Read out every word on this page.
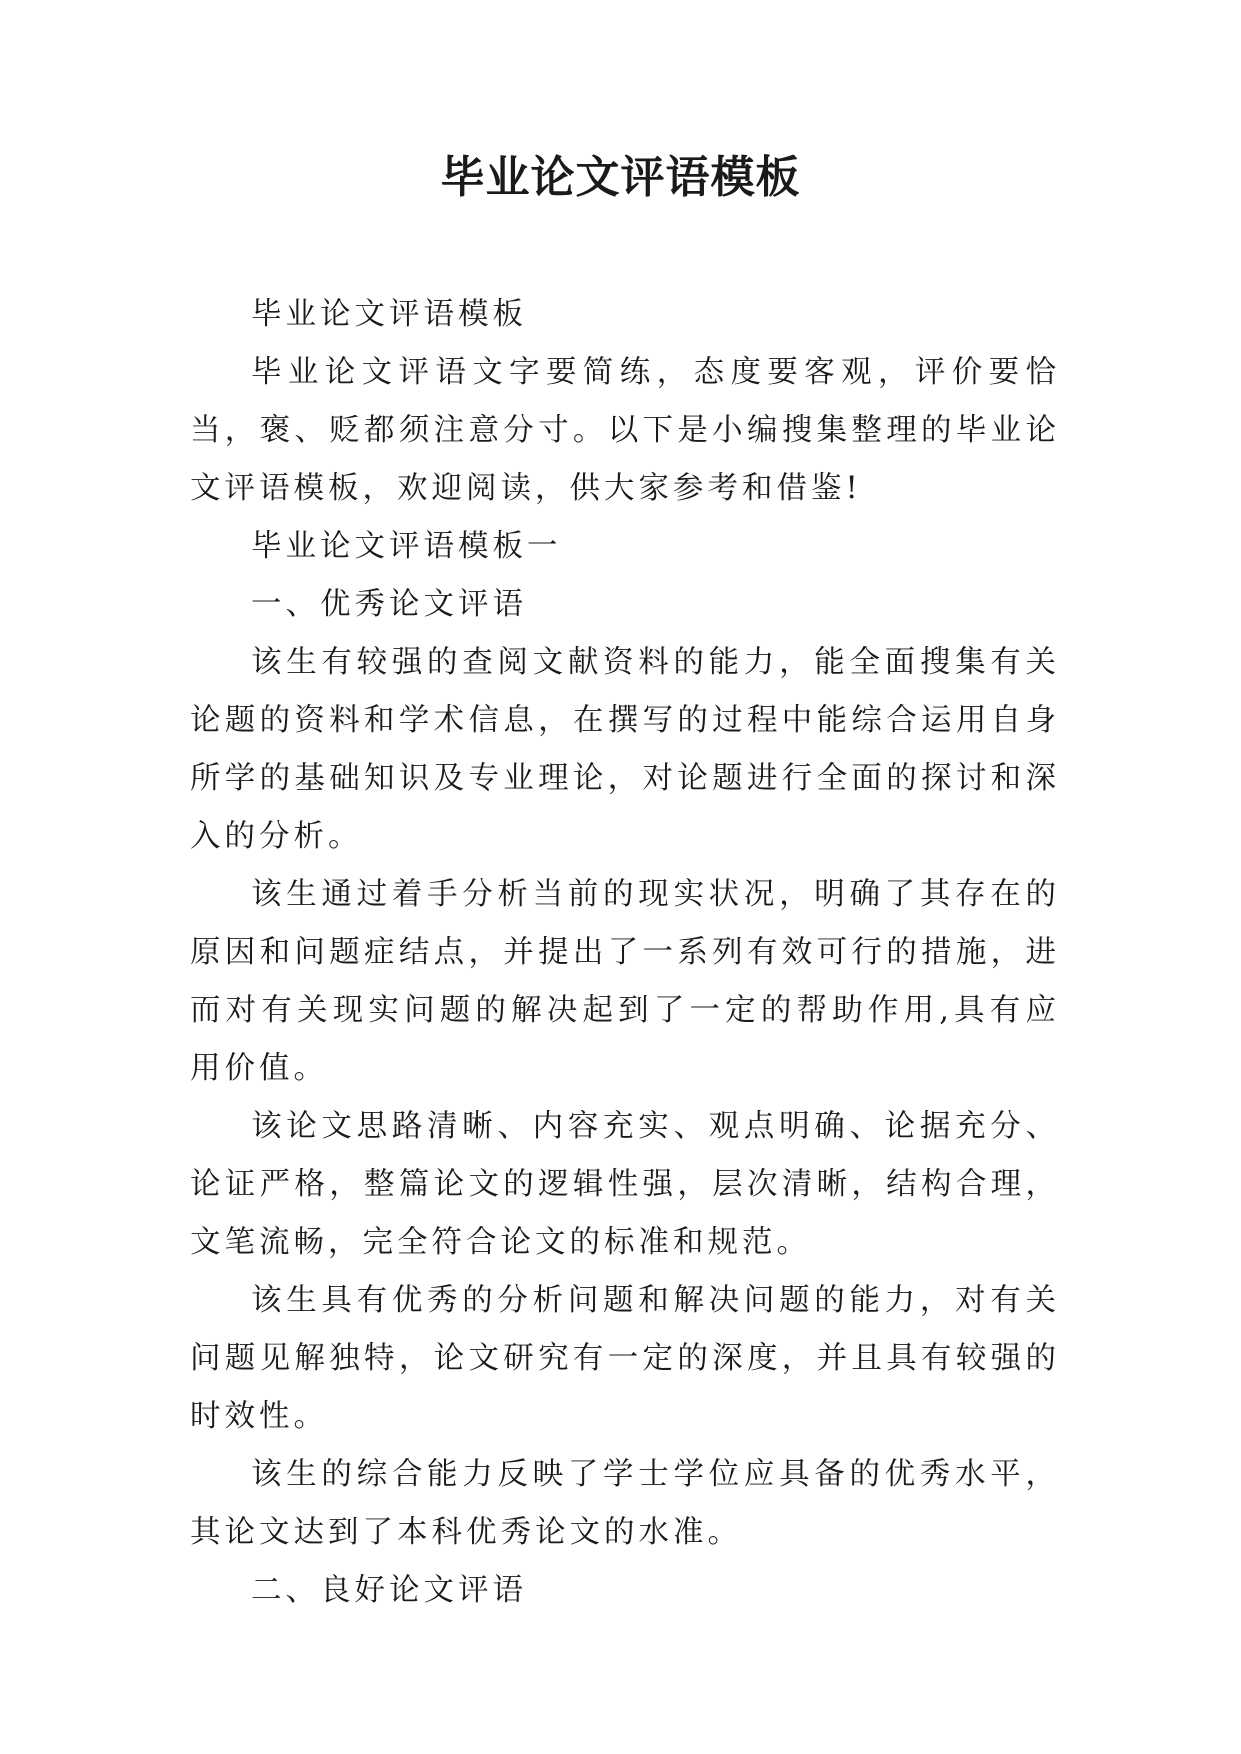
毕业论文评语模板

毕业论文评语模板

毕业论文评语文字要简练，态度要客观，评价要恰当，褒、贬都须注意分寸。以下是小编搜集整理的毕业论文评语模板，欢迎阅读，供大家参考和借鉴!

毕业论文评语模板一

一、优秀论文评语

该生有较强的查阅文献资料的能力，能全面搜集有关论题的资料和学术信息，在撰写的过程中能综合运用自身所学的基础知识及专业理论，对论题进行全面的探讨和深入的分析。

该生通过着手分析当前的现实状况，明确了其存在的原因和问题症结点，并提出了一系列有效可行的措施，进而对有关现实问题的解决起到了一定的帮助作用,具有应用价值。

该论文思路清晰、内容充实、观点明确、论据充分、论证严格，整篇论文的逻辑性强，层次清晰，结构合理，文笔流畅，完全符合论文的标准和规范。

该生具有优秀的分析问题和解决问题的能力，对有关问题见解独特，论文研究有一定的深度，并且具有较强的时效性。

该生的综合能力反映了学士学位应具备的优秀水平，其论文达到了本科优秀论文的水准。

二、良好论文评语
